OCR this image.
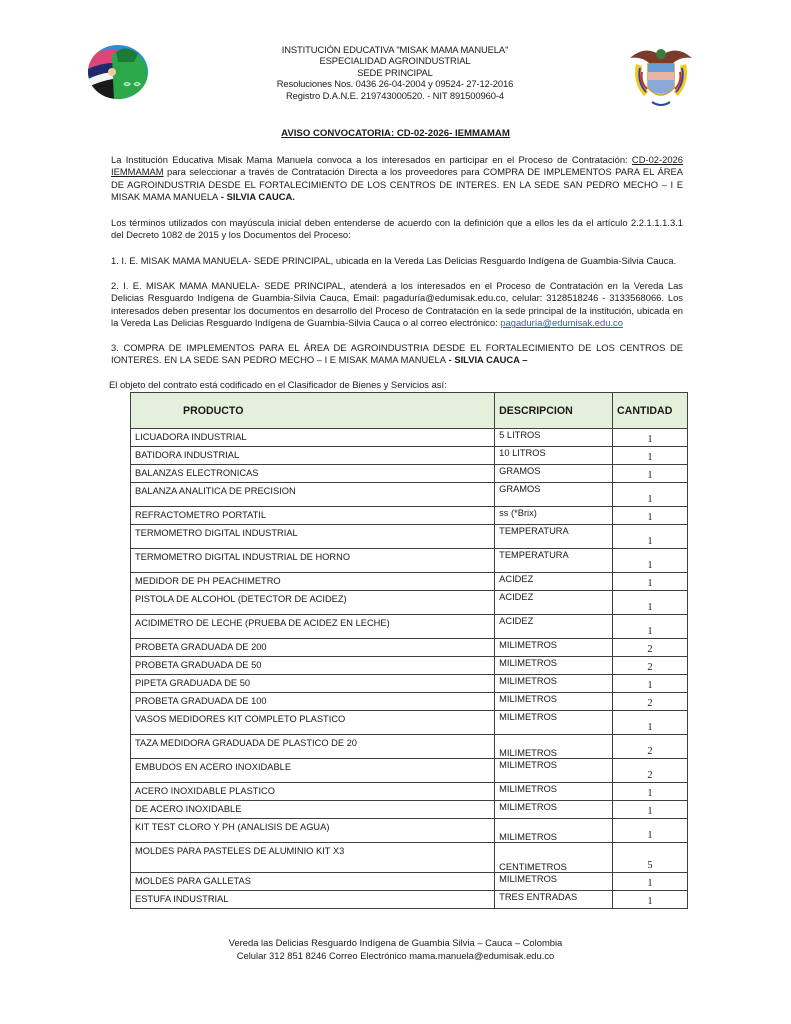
INSTITUCIÓN EDUCATIVA "MISAK MAMA MANUELA"
ESPECIALIDAD AGROINDUSTRIAL
SEDE PRINCIPAL
Resoluciones Nos. 0436 26-04-2004 y 09524- 27-12-2016
Registro D.A.N.E. 219743000520. - NIT 891500960-4
AVISO CONVOCATORIA: CD-02-2026- IEMMAMAM
La Institución Educativa Misak Mama Manuela convoca a los interesados en participar en el Proceso de Contratación: CD-02-2026 IEMMAMAM para seleccionar a través de Contratación Directa a los proveedores para COMPRA DE IMPLEMENTOS PARA EL ÁREA DE AGROINDUSTRIA DESDE EL FORTALECIMIENTO DE LOS CENTROS DE INTERES. EN LA SEDE SAN PEDRO MECHO – I E MISAK MAMA MANUELA - SILVIA CAUCA.
Los términos utilizados con mayúscula inicial deben entenderse de acuerdo con la definición que a ellos les da el artículo 2.2.1.1.1.3.1 del Decreto 1082 de 2015 y los Documentos del Proceso:
1. I. E. MISAK MAMA MANUELA- SEDE PRINCIPAL, ubicada en la Vereda Las Delicias Resguardo Indígena de Guambia-Silvia Cauca.
2. I. E. MISAK MAMA MANUELA- SEDE PRINCIPAL, atenderá a los interesados en el Proceso de Contratación en la Vereda Las Delicias Resguardo Indígena de Guambia-Silvia Cauca, Email: pagaduría@edumisak.edu.co, celular: 3128518246 - 3133568066. Los interesados deben presentar los documentos en desarrollo del Proceso de Contratación en la sede principal de la institución, ubicada en la Vereda Las Delicias Resguardo Indígena de Guambia-Silvia Cauca o al correo electrónico: pagaduría@edumisak.edu.co
3. COMPRA DE IMPLEMENTOS PARA EL ÁREA DE AGROINDUSTRIA DESDE EL FORTALECIMIENTO DE LOS CENTROS DE IONTERES. EN LA SEDE SAN PEDRO MECHO – I E MISAK MAMA MANUELA - SILVIA CAUCA –
El objeto del contrato está codificado en el Clasificador de Bienes y Servicios así:
PRODUCTO	DESCRIPCION	CANTIDAD
LICUADORA INDUSTRIAL	5 LITROS	1
BATIDORA INDUSTRIAL	10 LITROS	1
BALANZAS ELECTRONICAS	GRAMOS	1
BALANZA ANALITICA DE PRECISION	GRAMOS	1
REFRACTOMETRO PORTATIL	ss (*Brix)	1
TERMOMETRO DIGITAL INDUSTRIAL	TEMPERATURA	1
TERMOMETRO DIGITAL INDUSTRIAL DE HORNO	TEMPERATURA	1
MEDIDOR DE PH PEACHIMETRO	ACIDEZ	1
PISTOLA DE ALCOHOL (DETECTOR DE ACIDEZ)	ACIDEZ	1
ACIDIMETRO DE LECHE (PRUEBA DE ACIDEZ EN LECHE)	ACIDEZ	1
PROBETA GRADUADA DE 200	MILIMETROS	2
PROBETA GRADUADA DE 50	MILIMETROS	2
PIPETA GRADUADA DE 50	MILIMETROS	1
PROBETA GRADUADA DE 100	MILIMETROS	2
VASOS MEDIDORES KIT COMPLETO PLASTICO	MILIMETROS	1
TAZA MEDIDORA GRADUADA DE PLASTICO DE 20	MILIMETROS	2
EMBUDOS EN ACERO INOXIDABLE	MILIMETROS	2
ACERO INOXIDABLE PLASTICO	MILIMETROS	1
DE ACERO INOXIDABLE	MILIMETROS	1
KIT TEST CLORO Y PH (ANALISIS DE AGUA)	MILIMETROS	1
MOLDES PARA PASTELES DE ALUMINIO KIT X3	CENTIMETROS	5
MOLDES PARA GALLETAS	MILIMETROS	1
ESTUFA INDUSTRIAL	TRES ENTRADAS	1
Vereda las Delicias Resguardo Indígena de Guambia Silvia – Cauca – Colombia
Celular 312 851 8246 Correo Electrónico mama.manuela@edumisak.edu.co
